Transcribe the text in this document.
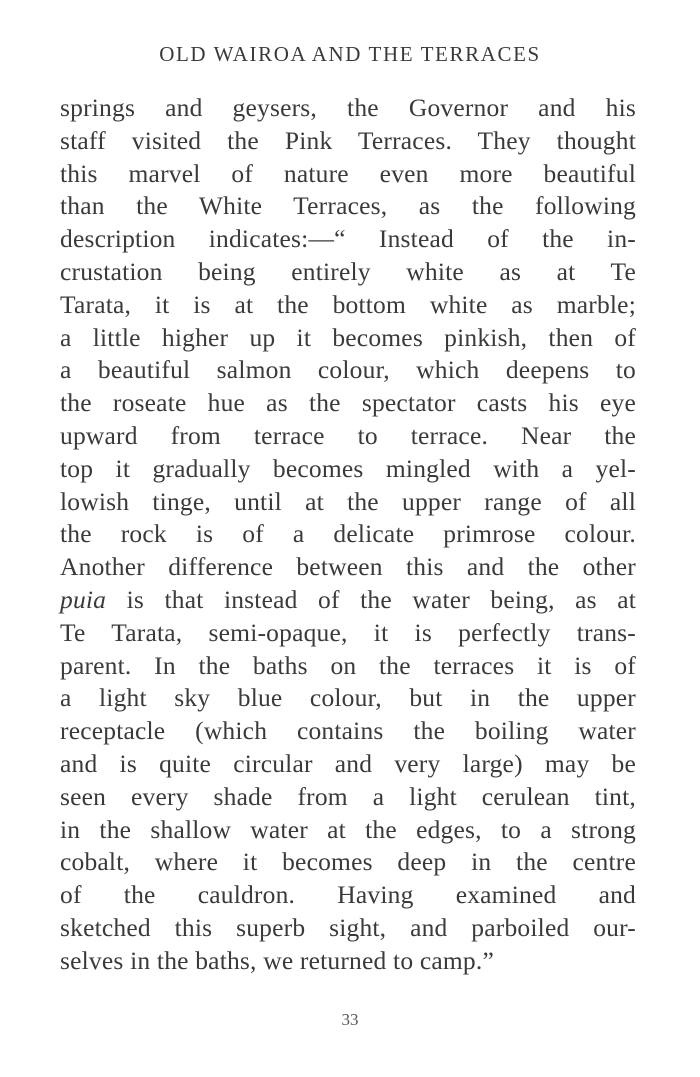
OLD WAIROA AND THE TERRACES
springs and geysers, the Governor and his
staff visited the Pink Terraces. They thought
this marvel of nature even more beautiful
than the White Terraces, as the following
description indicates:—“ Instead of the in-
crustation being entirely white as at Te
Tarata, it is at the bottom white as marble;
a little higher up it becomes pinkish, then of
a beautiful salmon colour, which deepens to
the roseate hue as the spectator casts his eye
upward from terrace to terrace. Near the
top it gradually becomes mingled with a yel-
lowish tinge, until at the upper range of all
the rock is of a delicate primrose colour.
Another difference between this and the other
puia is that instead of the water being, as at
Te Tarata, semi-opaque, it is perfectly trans-
parent. In the baths on the terraces it is of
a light sky blue colour, but in the upper
receptacle (which contains the boiling water
and is quite circular and very large) may be
seen every shade from a light cerulean tint,
in the shallow water at the edges, to a strong
cobalt, where it becomes deep in the centre
of the cauldron. Having examined and
sketched this superb sight, and parboiled our-
selves in the baths, we returned to camp.”
33
